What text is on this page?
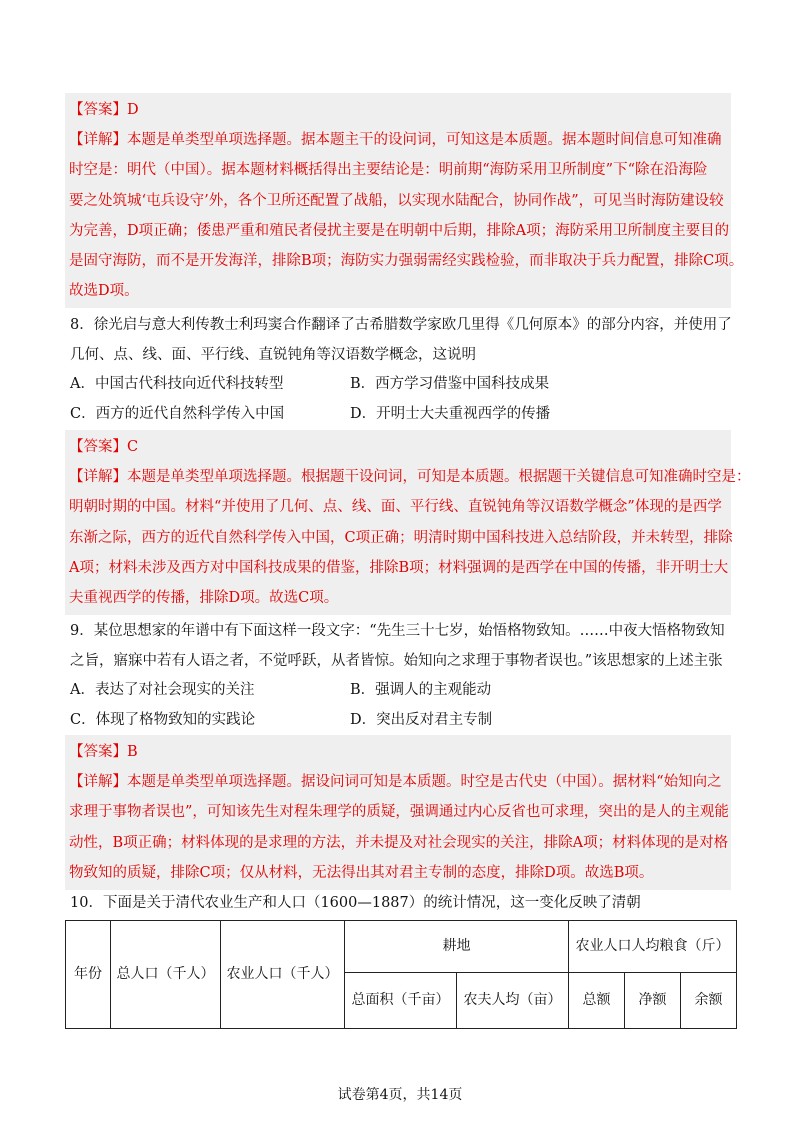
【答案】D
【详解】本题是单类型单项选择题。据本题主干的设问词，可知这是本质题。据本题时间信息可知准确
时空是：明代（中国）。据本题材料概括得出主要结论是：明前期“海防采用卫所制度”下“除在沿海险
要之处筑城‘屯兵设守’外，各个卫所还配置了战船，以实现水陆配合，协同作战”，可见当时海防建设较
为完善，D项正确；倭患严重和殖民者侵扰主要是在明朝中后期，排除A项；海防采用卫所制度主要目的
是固守海防，而不是开发海洋，排除B项；海防实力强弱需经实践检验，而非取决于兵力配置，排除C项。
故选D项。
8．徐光启与意大利传教士利玛窦合作翻译了古希腊数学家欧几里得《几何原本》的部分内容，并使用了
几何、点、线、面、平行线、直锐钝角等汉语数学概念，这说明
A．中国古代科技向近代科技转型	B．西方学习借鉴中国科技成果
C．西方的近代自然科学传入中国	D．开明士大夫重视西学的传播
【答案】C
【详解】本题是单类型单项选择题。根据题干设问词，可知是本质题。根据题干关键信息可知准确时空是：
明朝时期的中国。材料“并使用了几何、点、线、面、平行线、直锐钝角等汉语数学概念”体现的是西学
东渐之际，西方的近代自然科学传入中国，C项正确；明清时期中国科技进入总结阶段，并未转型，排除
A项；材料未涉及西方对中国科技成果的借鉴，排除B项；材料强调的是西学在中国的传播，非开明士大
夫重视西学的传播，排除D项。故选C项。
9．某位思想家的年谱中有下面这样一段文字：“先生三十七岁，始悟格物致知。……中夜大悟格物致知
之旨，寤寐中若有人语之者，不觉呼跃，从者皆惊。始知向之求理于事物者误也。”该思想家的上述主张
A．表达了对社会现实的关注	B．强调人的主观能动
C．体现了格物致知的实践论	D．突出反对君主专制
【答案】B
【详解】本题是单类型单项选择题。据设问词可知是本质题。时空是古代史（中国）。据材料“始知向之
求理于事物者误也”，可知该先生对程朱理学的质疑，强调通过内心反省也可求理，突出的是人的主观能
动性，B项正确；材料体现的是求理的方法，并未提及对社会现实的关注，排除A项；材料体现的是对格
物致知的质疑，排除C项；仅从材料，无法得出其对君主专制的态度，排除D项。故选B项。
10．下面是关于清代农业生产和人口（1600—1887）的统计情况，这一变化反映了清朝
年份	总人口（千人）	农业人口（千人）	耕地		农业人口人均粮食（斤）		
			总面积（千亩）	农夫人均（亩）	总额	净额	余额
试卷第4页，共14页
